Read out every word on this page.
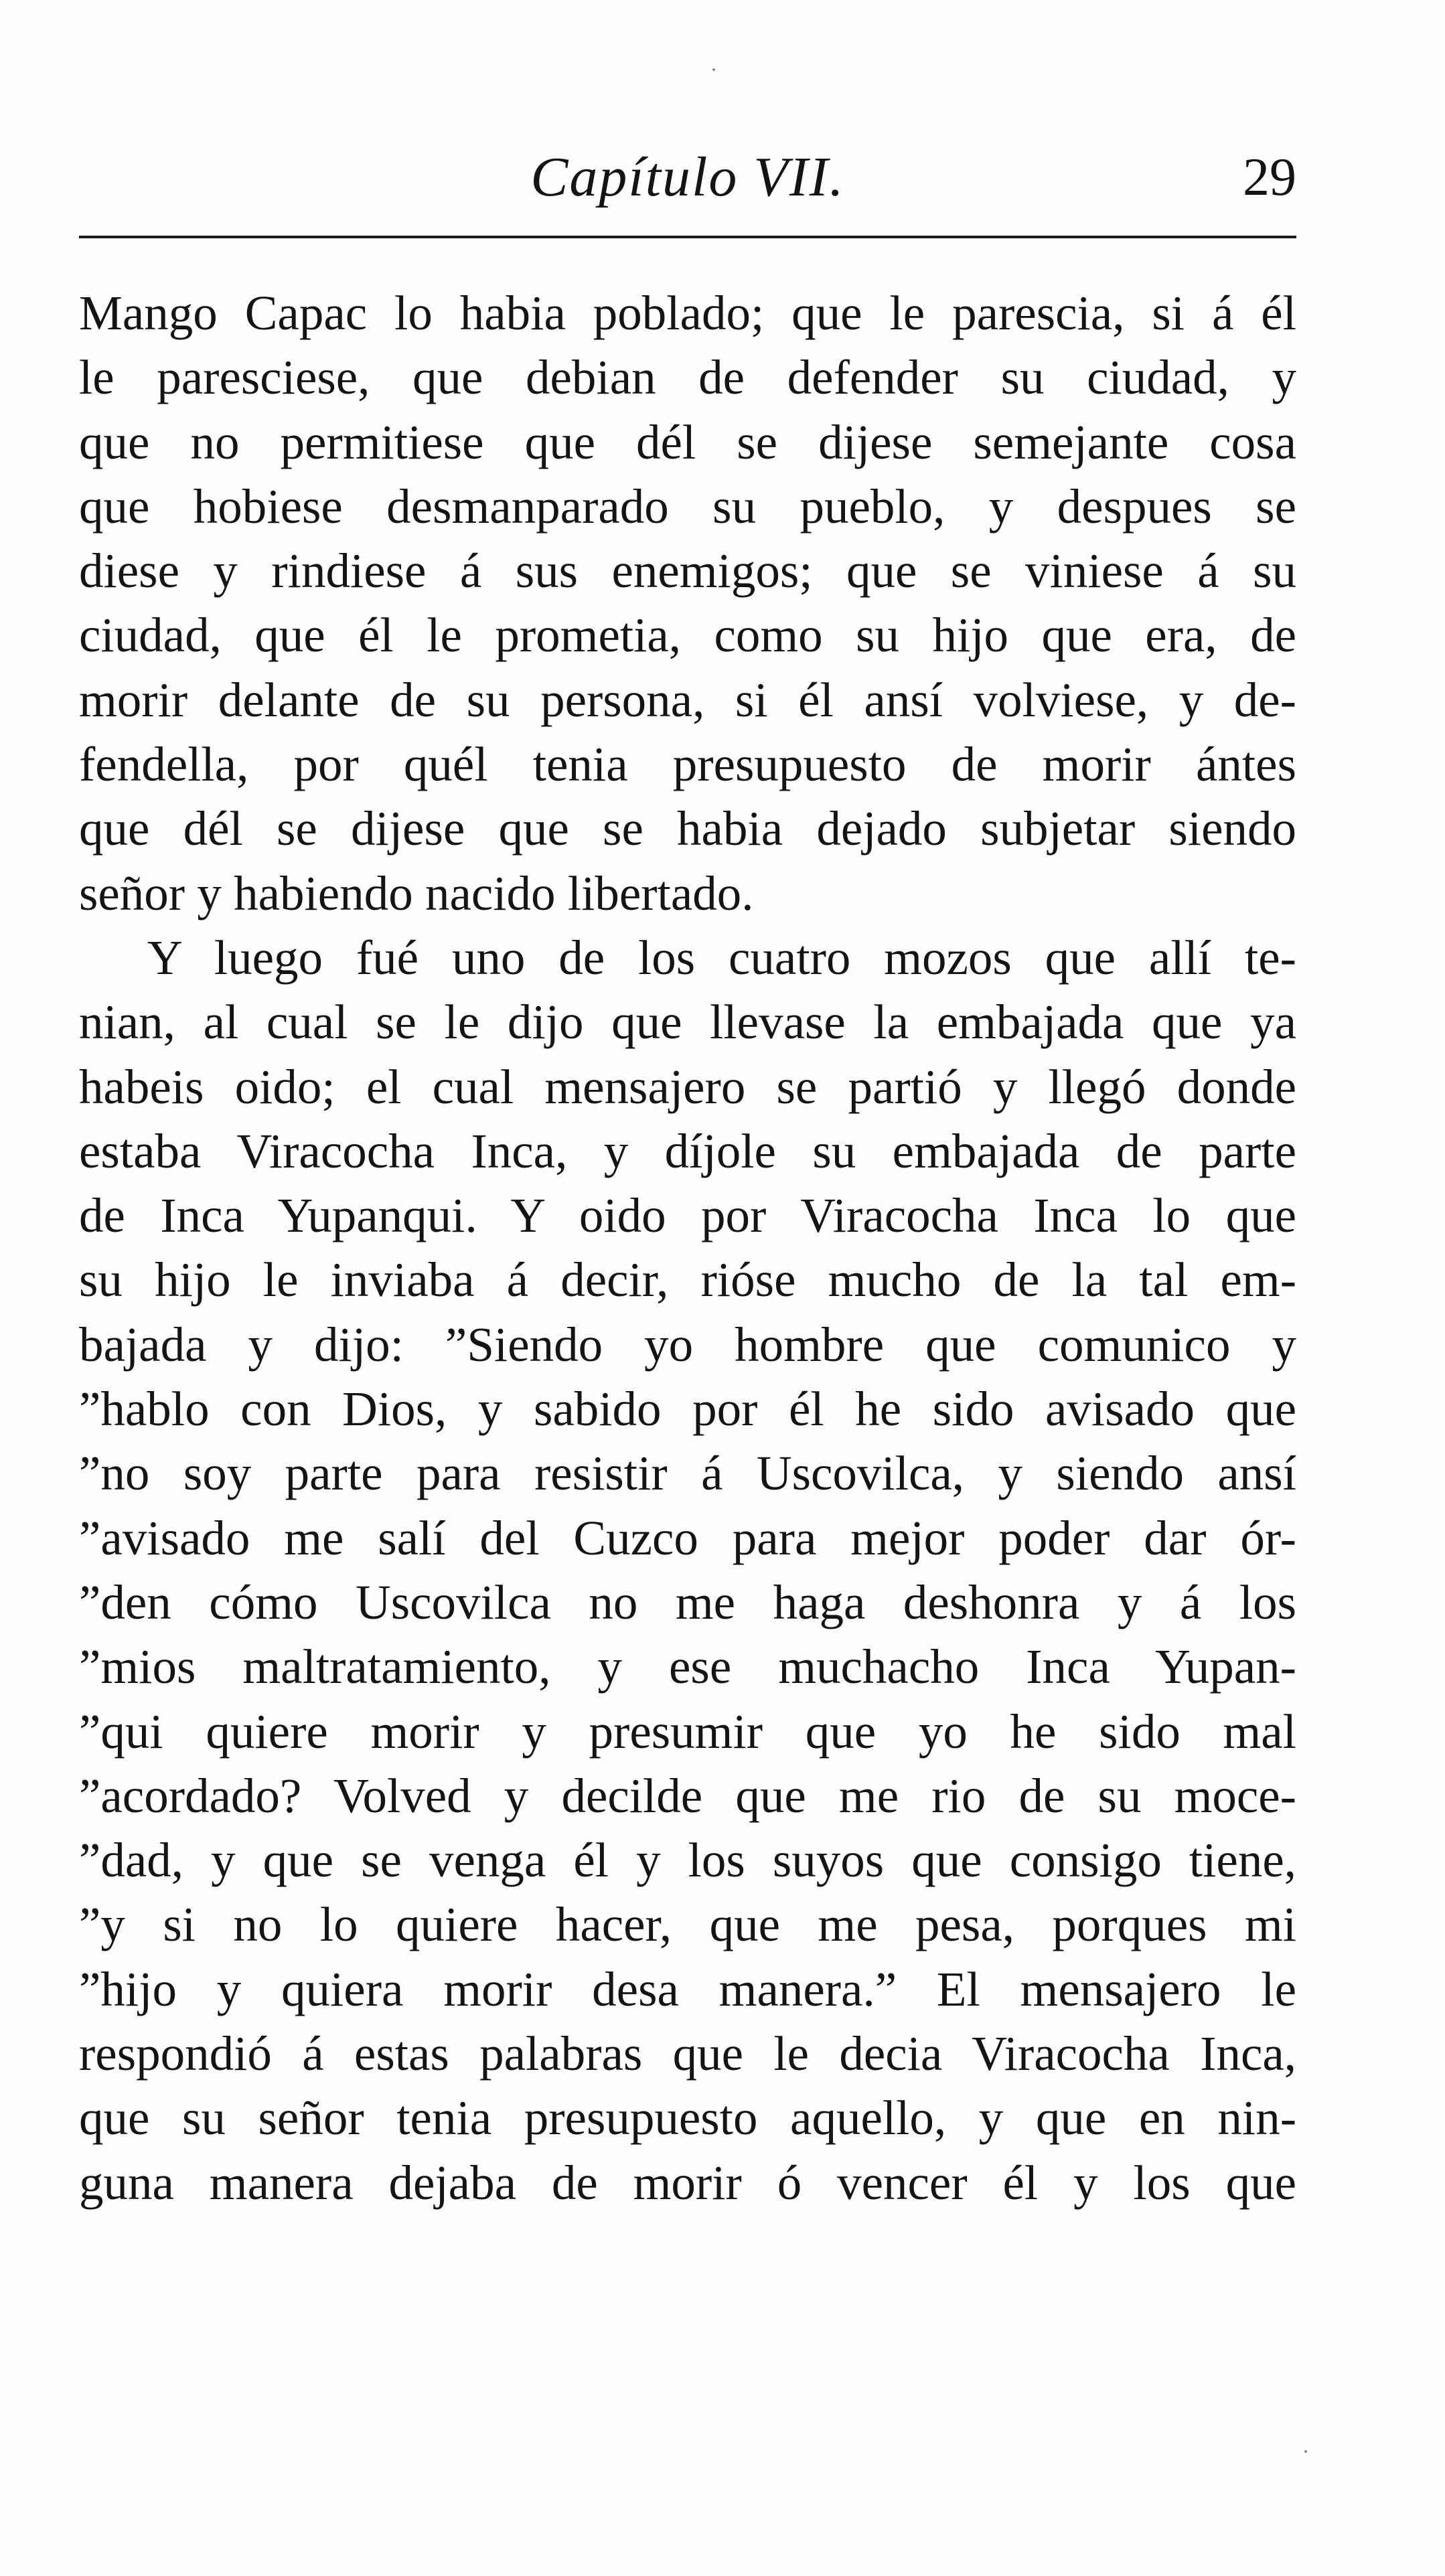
Capítulo VII.	29
Mango Capac lo habia poblado; que le parescia, si á él
le paresciese, que debian de defender su ciudad, y
que no permitiese que dél se dijese semejante cosa
que hobiese desmanparado su pueblo, y despues se
diese y rindiese á sus enemigos; que se viniese á su
ciudad, que él le prometia, como su hijo que era, de
morir delante de su persona, si él ansí volviese, y de-
fendella, por quél tenia presupuesto de morir ántes
que dél se dijese que se habia dejado subjetar siendo
señor y habiendo nacido libertado.
Y luego fué uno de los cuatro mozos que allí te-
nian, al cual se le dijo que llevase la embajada que ya
habeis oido; el cual mensajero se partió y llegó donde
estaba Viracocha Inca, y díjole su embajada de parte
de Inca Yupanqui. Y oido por Viracocha Inca lo que
su hijo le inviaba á decir, rióse mucho de la tal em-
bajada y dijo: ”Siendo yo hombre que comunico y
”hablo con Dios, y sabido por él he sido avisado que
”no soy parte para resistir á Uscovilca, y siendo ansí
”avisado me salí del Cuzco para mejor poder dar ór-
”den cómo Uscovilca no me haga deshonra y á los
”mios maltratamiento, y ese muchacho Inca Yupan-
”qui quiere morir y presumir que yo he sido mal
”acordado? Volved y decilde que me rio de su moce-
”dad, y que se venga él y los suyos que consigo tiene,
”y si no lo quiere hacer, que me pesa, porques mi
”hijo y quiera morir desa manera.” El mensajero le
respondió á estas palabras que le decia Viracocha Inca,
que su señor tenia presupuesto aquello, y que en nin-
guna manera dejaba de morir ó vencer él y los que
